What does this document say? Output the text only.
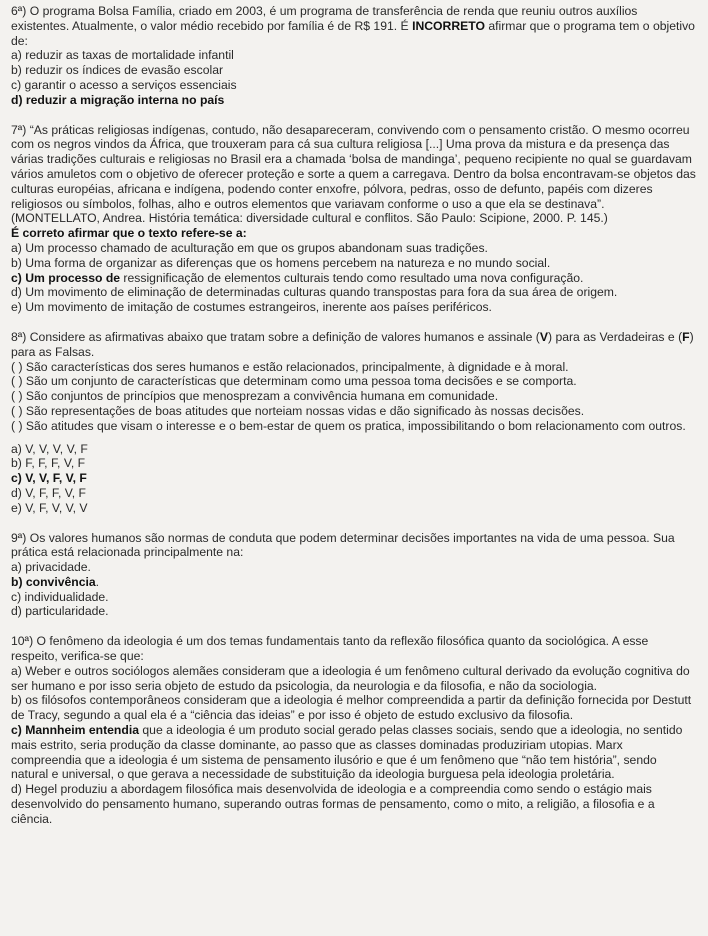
6ª) O programa Bolsa Família, criado em 2003, é um programa de transferência de renda que reuniu outros auxílios existentes. Atualmente, o valor médio recebido por família é de R$ 191. É INCORRETO afirmar que o programa tem o objetivo de:

a) reduzir as taxas de mortalidade infantil

b) reduzir os índices de evasão escolar

c) garantir o acesso a serviços essenciais

d) reduzir a migração interna no país

7ª) “As práticas religiosas indígenas, contudo, não desapareceram, convivendo com o pensamento cristão. O mesmo ocorreu com os negros vindos da África, que trouxeram para cá sua cultura religiosa [...] Uma prova da mistura e da presença das várias tradições culturais e religiosas no Brasil era a chamada ‘bolsa de mandinga’, pequeno recipiente no qual se guardavam vários amuletos com o objetivo de oferecer proteção e sorte a quem a carregava. Dentro da bolsa encontravam-se objetos das culturas européias, africana e indígena, podendo conter enxofre, pólvora, pedras, osso de defunto, papéis com dizeres religiosos ou símbolos, folhas, alho e outros elementos que variavam conforme o uso a que ela se destinava”. (MONTELLATO, Andrea. História temática: diversidade cultural e conflitos. São Paulo: Scipione, 2000. P. 145.)

É correto afirmar que o texto refere-se a:

a) Um processo chamado de aculturação em que os grupos abandonam suas tradições.

b) Uma forma de organizar as diferenças que os homens percebem na natureza e no mundo social.

c) Um processo de ressignificação de elementos culturais tendo como resultado uma nova configuração.

d) Um movimento de eliminação de determinadas culturas quando transpostas para fora da sua área de origem.

e) Um movimento de imitação de costumes estrangeiros, inerente aos países periféricos.

8ª) Considere as afirmativas abaixo que tratam sobre a definição de valores humanos e assinale (V) para as Verdadeiras e (F) para as Falsas.

( ) São características dos seres humanos e estão relacionados, principalmente, à dignidade e à moral.

( ) São um conjunto de características que determinam como uma pessoa toma decisões e se comporta.

( ) São conjuntos de princípios que menosprezam a convivência humana em comunidade.

( ) São representações de boas atitudes que norteiam nossas vidas e dão significado às nossas decisões.

( ) São atitudes que visam o interesse e o bem-estar de quem os pratica, impossibilitando o bom relacionamento com outros.

a) V, V, V, V, F

b) F, F, F, V, F

c) V, V, F, V, F

d) V, F, F, V, F

e) V, F, V, V, V

9ª) Os valores humanos são normas de conduta que podem determinar decisões importantes na vida de uma pessoa. Sua prática está relacionada principalmente na:

a) privacidade.

b) convivência.

c) individualidade.

d) particularidade.

10ª) O fenômeno da ideologia é um dos temas fundamentais tanto da reflexão filosófica quanto da sociológica. A esse respeito, verifica-se que:

a) Weber e outros sociólogos alemães consideram que a ideologia é um fenômeno cultural derivado da evolução cognitiva do ser humano e por isso seria objeto de estudo da psicologia, da neurologia e da filosofia, e não da sociologia.

b) os filósofos contemporâneos consideram que a ideologia é melhor compreendida a partir da definição fornecida por Destutt de Tracy, segundo a qual ela é a “ciência das ideias” e por isso é objeto de estudo exclusivo da filosofia.

c) Mannheim entendia que a ideologia é um produto social gerado pelas classes sociais, sendo que a ideologia, no sentido mais estrito, seria produção da classe dominante, ao passo que as classes dominadas produziriam utopias. Marx compreendia que a ideologia é um sistema de pensamento ilusório e que é um fenômeno que “não tem história”, sendo natural e universal, o que gerava a necessidade de substituição da ideologia burguesa pela ideologia proletária.

d) Hegel produziu a abordagem filosófica mais desenvolvida de ideologia e a compreendia como sendo o estágio mais desenvolvido do pensamento humano, superando outras formas de pensamento, como o mito, a religião, a filosofia e a ciência.
